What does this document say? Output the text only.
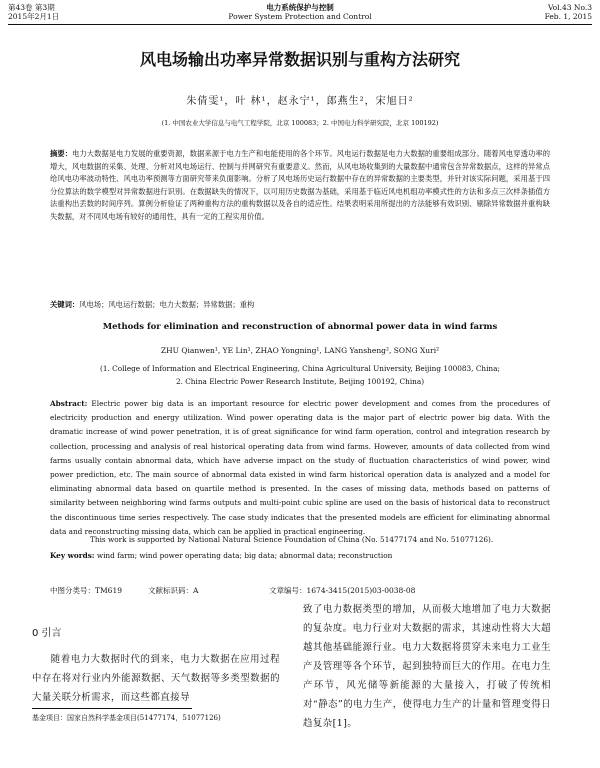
第43卷 第3期
2015年2月1日
电力系统保护与控制
Power System Protection and Control
Vol.43 No.3
Feb. 1, 2015
风电场输出功率异常数据识别与重构方法研究
朱倩雯¹，叶 林¹，赵永宁¹，郎燕生²，宋旭日²
(1. 中国农业大学信息与电气工程学院，北京 100083；2. 中国电力科学研究院，北京 100192)
摘要：电力大数据是电力发展的重要资源，数据来源于电力生产和电能使用的各个环节。风电运行数据是电力大数据的重要组成部分。随着风电穿透功率的增大，风电数据的采集、处理、分析对风电场运行、控制与并网研究有重要意义。然而，从风电场收集到的大量数据中通常包含异常数据点，这样的异常点给风电功率波动特性、风电功率预测等方面研究带来负面影响。分析了风电场历史运行数据中存在的异常数据的主要类型，并针对该实际问题，采用基于四分位算法的数学模型对异常数据进行识别。在数据缺失的情况下，以可用历史数据为基础，采用基于临近风电机组功率模式性的方法和多点三次样条插值方法重构出丢数的时间序列。算例分析验证了两种重构方法的重构数据以及各自的适应性。结果表明采用所提出的方法能够有效识别、剔除异常数据并重构缺失数据，对不同风电场有较好的通用性，具有一定的工程实用价值。
关键词：风电场；风电运行数据；电力大数据；异常数据；重构
Methods for elimination and reconstruction of abnormal power data in wind farms
ZHU Qianwen¹, YE Lin¹, ZHAO Yongning¹, LANG Yansheng², SONG Xuri²
(1. College of Information and Electrical Engineering, China Agricultural University, Beijing 100083, China;
2. China Electric Power Research Institute, Beijing 100192, China)
Abstract: Electric power big data is an important resource for electric power development and comes from the procedures of electricity production and energy utilization. Wind power operating data is the major part of electric power big data. With the dramatic increase of wind power penetration, it is of great significance for wind farm operation, control and integration research by collection, processing and analysis of real historical operating data from wind farms. However, amounts of data collected from wind farms usually contain abnormal data, which have adverse impact on the study of fluctuation characteristics of wind power, wind power prediction, etc. The main source of abnormal data existed in wind farm historical operation data is analyzed and a model for eliminating abnormal data based on quartile method is presented. In the cases of missing data, methods based on patterns of similarity between neighboring wind farms outputs and multi-point cubic spline are used on the basis of historical data to reconstruct the discontinuous time series respectively. The case study indicates that the presented models are efficient for eliminating abnormal data and reconstructing missing data, which can be applied in practical engineering.
This work is supported by National Natural Science Foundation of China (No. 51477174 and No. 51077126).
Key words: wind farm; wind power operating data; big data; abnormal data; reconstruction
中图分类号：TM619	文献标识码：A	文章编号：1674-3415(2015)03-0038-08
0 引言
随着电力大数据时代的到来，电力大数据在应用过程中存在将对行业内外能源数据、天气数据等多类型数据的大量关联分析需求，而这些都直接导
致了电力数据类型的增加，从而极大地增加了电力大数据的复杂度。电力行业对大数据的需求，其速动性将大大超越其他基础能源行业。电力大数据将贯穿未来电力工业生产及管理等各个环节，起到独特而巨大的作用。在电力生产环节，风光储等新能源的大量接入，打破了传统相对“静态”的电力生产，使得电力生产的计量和管理变得日趋复杂[1]。
基金项目：国家自然科学基金项目(51477174，51077126)
